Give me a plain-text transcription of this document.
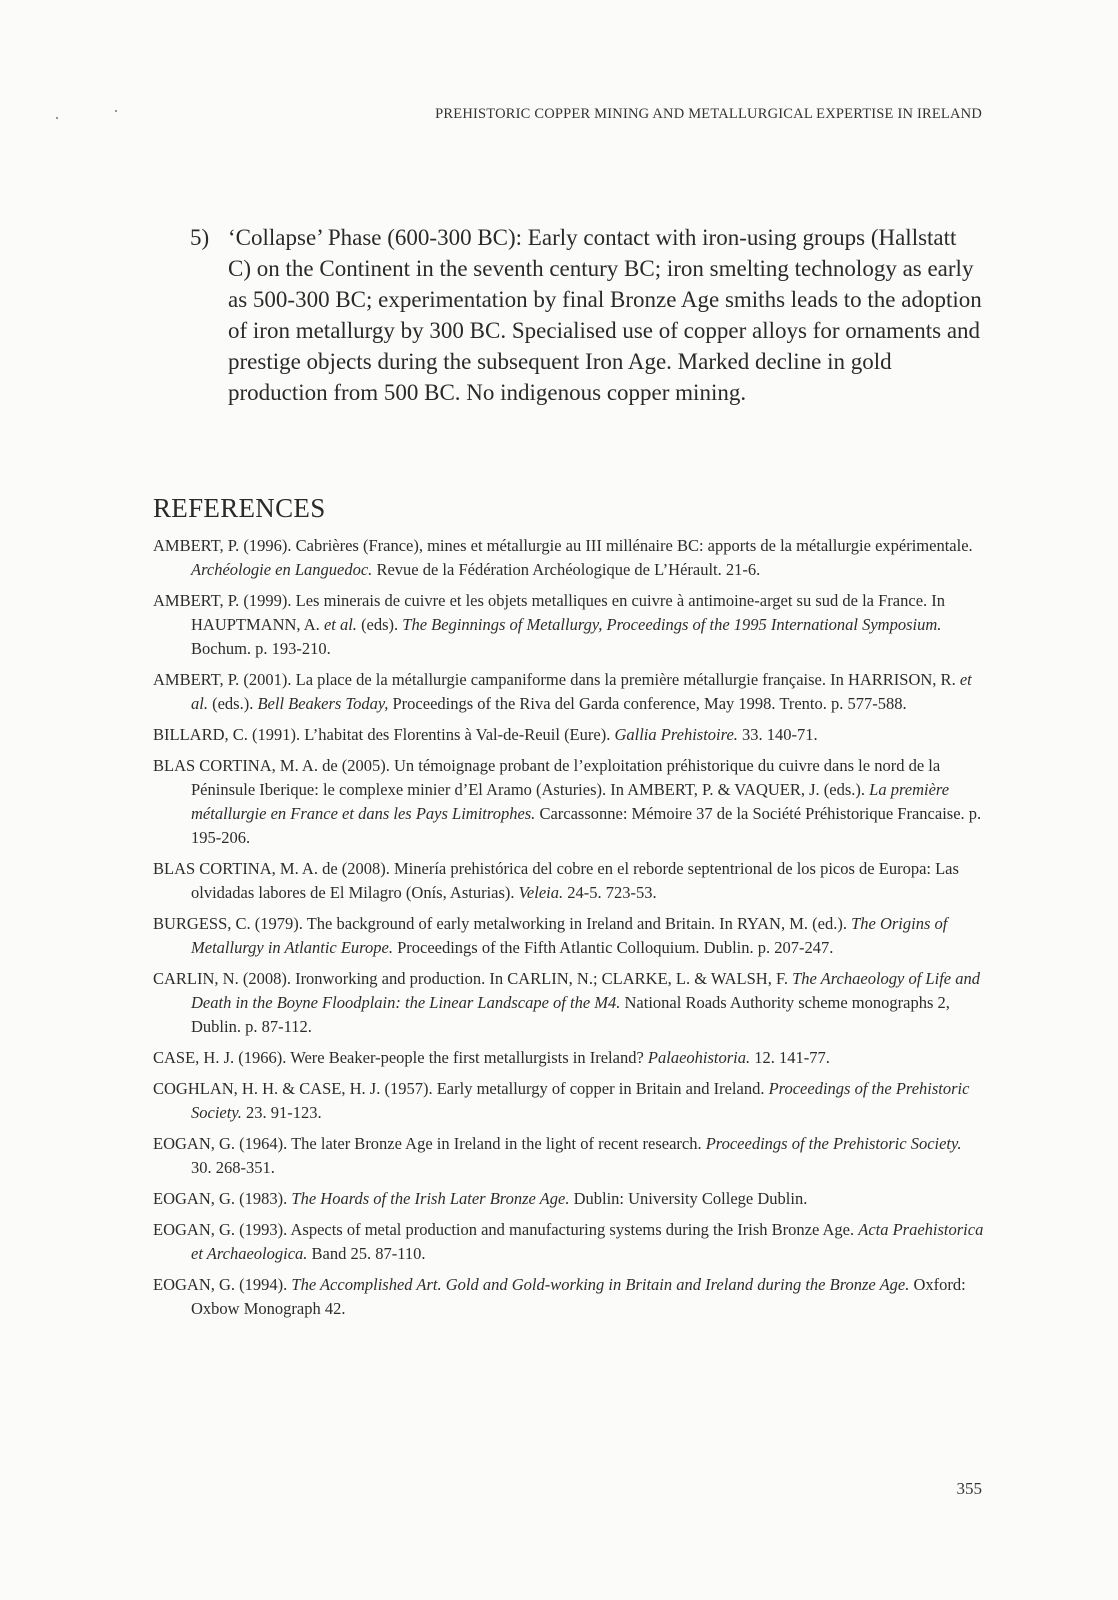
PREHISTORIC COPPER MINING AND METALLURGICAL EXPERTISE IN IRELAND
5) ‘Collapse’ Phase (600-300 BC): Early contact with iron-using groups (Hallstatt C) on the Continent in the seventh century BC; iron smelting technology as early as 500-300 BC; experimentation by final Bronze Age smiths leads to the adoption of iron metallurgy by 300 BC. Specialised use of copper alloys for ornaments and prestige objects during the subsequent Iron Age. Marked decline in gold production from 500 BC. No indigenous copper mining.
REFERENCES
AMBERT, P. (1996). Cabrières (France), mines et métallurgie au III millénaire BC: apports de la métallurgie expérimentale. Archéologie en Languedoc. Revue de la Fédération Archéologique de L’Hérault. 21-6.
AMBERT, P. (1999). Les minerais de cuivre et les objets metalliques en cuivre à antimoine-arget su sud de la France. In HAUPTMANN, A. et al. (eds). The Beginnings of Metallurgy, Proceedings of the 1995 International Symposium. Bochum. p. 193-210.
AMBERT, P. (2001). La place de la métallurgie campaniforme dans la première métallurgie française. In HARRISON, R. et al. (eds.). Bell Beakers Today, Proceedings of the Riva del Garda conference, May 1998. Trento. p. 577-588.
BILLARD, C. (1991). L’habitat des Florentins à Val-de-Reuil (Eure). Gallia Prehistoire. 33. 140-71.
BLAS CORTINA, M. A. de (2005). Un témoignage probant de l’exploitation préhistorique du cuivre dans le nord de la Péninsule Iberique: le complexe minier d’El Aramo (Asturies). In AMBERT, P. & VAQUER, J. (eds.). La première métallurgie en France et dans les Pays Limitrophes. Carcassonne: Mémoire 37 de la Société Préhistorique Francaise. p. 195-206.
BLAS CORTINA, M. A. de (2008). Minería prehistórica del cobre en el reborde septentrional de los picos de Europa: Las olvidadas labores de El Milagro (Onís, Asturias). Veleia. 24-5. 723-53.
BURGESS, C. (1979). The background of early metalworking in Ireland and Britain. In RYAN, M. (ed.). The Origins of Metallurgy in Atlantic Europe. Proceedings of the Fifth Atlantic Colloquium. Dublin. p. 207-247.
CARLIN, N. (2008). Ironworking and production. In CARLIN, N.; CLARKE, L. & WALSH, F. The Archaeology of Life and Death in the Boyne Floodplain: the Linear Landscape of the M4. National Roads Authority scheme monographs 2, Dublin. p. 87-112.
CASE, H. J. (1966). Were Beaker-people the first metallurgists in Ireland? Palaeohistoria. 12. 141-77.
COGHLAN, H. H. & CASE, H. J. (1957). Early metallurgy of copper in Britain and Ireland. Proceedings of the Prehistoric Society. 23. 91-123.
EOGAN, G. (1964). The later Bronze Age in Ireland in the light of recent research. Proceedings of the Prehistoric Society. 30. 268-351.
EOGAN, G. (1983). The Hoards of the Irish Later Bronze Age. Dublin: University College Dublin.
EOGAN, G. (1993). Aspects of metal production and manufacturing systems during the Irish Bronze Age. Acta Praehistorica et Archaeologica. Band 25. 87-110.
EOGAN, G. (1994). The Accomplished Art. Gold and Gold-working in Britain and Ireland during the Bronze Age. Oxford: Oxbow Monograph 42.
355
